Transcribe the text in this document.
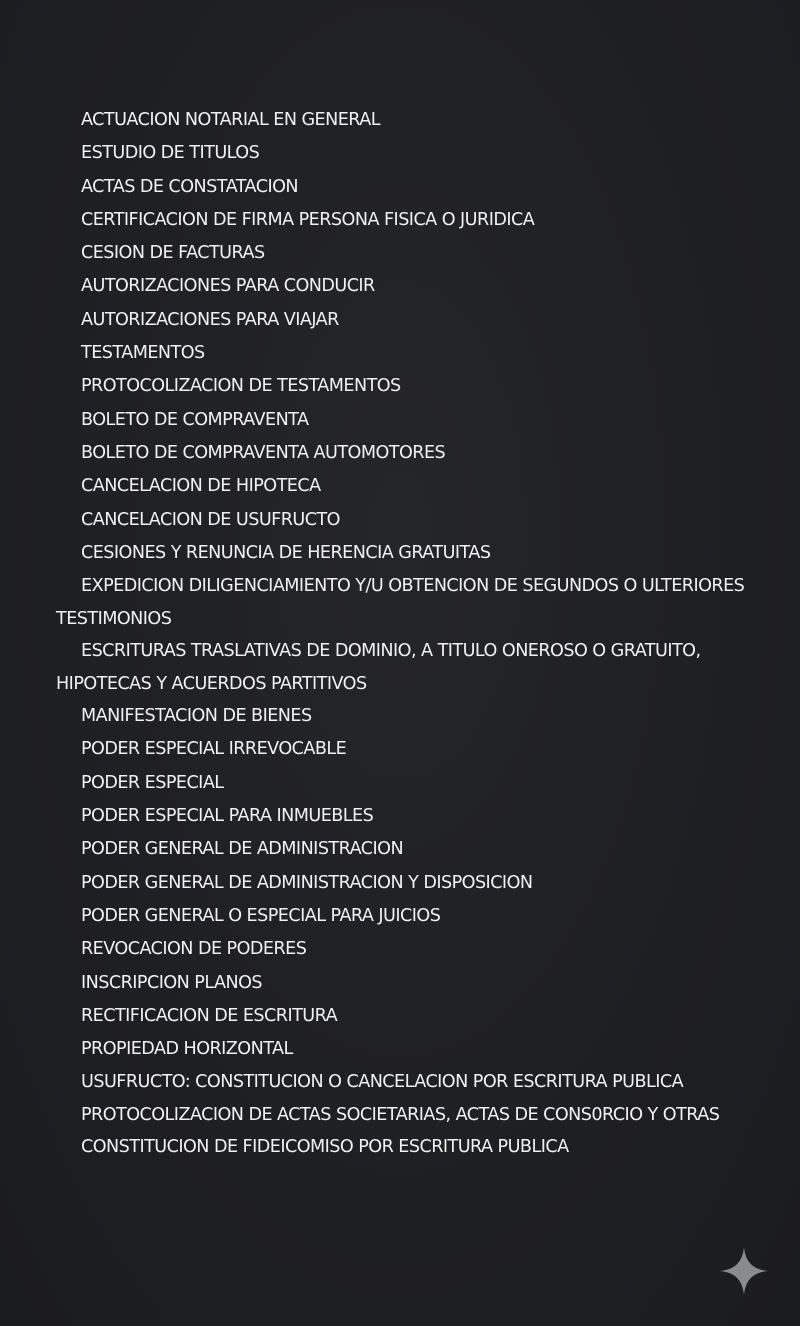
ACTUACION NOTARIAL EN GENERAL
ESTUDIO DE TITULOS
ACTAS DE CONSTATACION
CERTIFICACION DE FIRMA PERSONA FISICA O JURIDICA
CESION DE FACTURAS
AUTORIZACIONES PARA CONDUCIR
AUTORIZACIONES PARA VIAJAR
TESTAMENTOS
PROTOCOLIZACION DE TESTAMENTOS
BOLETO DE COMPRAVENTA
BOLETO DE COMPRAVENTA AUTOMOTORES
CANCELACION DE HIPOTECA
CANCELACION DE USUFRUCTO
CESIONES Y RENUNCIA DE HERENCIA GRATUITAS
EXPEDICION DILIGENCIAMIENTO Y/U OBTENCION DE SEGUNDOS O ULTERIORES TESTIMONIOS
ESCRITURAS TRASLATIVAS DE DOMINIO, A TITULO ONEROSO O GRATUITO, HIPOTECAS Y ACUERDOS PARTITIVOS
MANIFESTACION DE BIENES
PODER ESPECIAL IRREVOCABLE
PODER ESPECIAL
PODER ESPECIAL PARA INMUEBLES
PODER GENERAL DE ADMINISTRACION
PODER GENERAL DE ADMINISTRACION Y DISPOSICION
PODER GENERAL O ESPECIAL PARA JUICIOS
REVOCACION DE PODERES
INSCRIPCION PLANOS
RECTIFICACION DE ESCRITURA
PROPIEDAD HORIZONTAL
USUFRUCTO: CONSTITUCION O CANCELACION POR ESCRITURA PUBLICA
PROTOCOLIZACION DE ACTAS SOCIETARIAS, ACTAS DE CONS0RCIO Y OTRAS
CONSTITUCION DE FIDEICOMISO POR ESCRITURA PUBLICA
